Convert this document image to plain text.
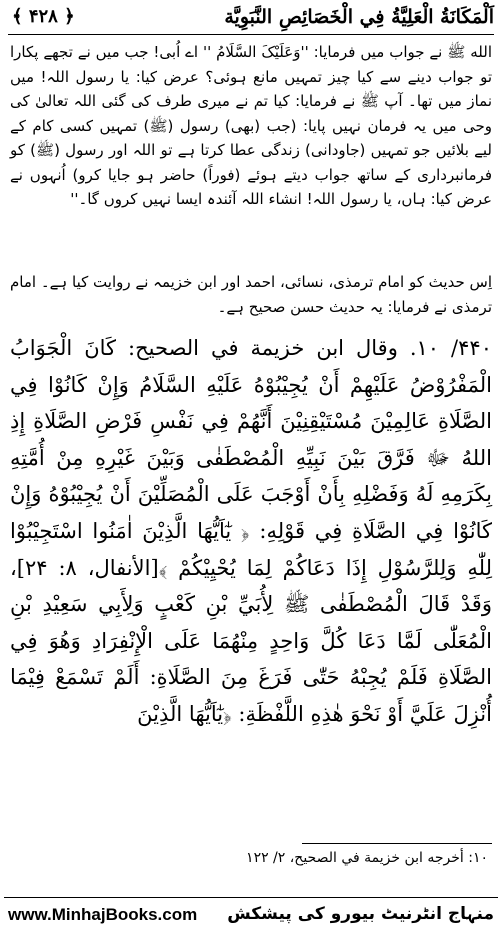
اَلْمَکَانَةُ الْعَلِيَّةُ فِي الْخَصَائِصِ النَّبَوِيَّة
﴿ ۴۲۸ ﴾

الله ﷺ نے جواب میں فرمایا: ''وَعَلَيْکَ السَّلَامُ '' اے اُبی! جب میں نے تجھے پکارا تو جواب دینے سے کیا چیز تمہیں مانع ہوئی؟ عرض کیا: یا رسول اللہ! میں نماز میں تھا۔ آپ ﷺ نے فرمایا: کیا تم نے میری طرف کی گئی اللہ تعالیٰ کی وحی میں یہ فرمان نہیں پایا: (جب (بھی) رسول (ﷺ) تمہیں کسی کام کے لیے بلائیں جو تمہیں (جاودانی) زندگی عطا کرتا ہے تو اللہ اور رسول (ﷺ) کو فرمانبرداری کے ساتھ جواب دیتے ہوئے (فوراً) حاضر ہو جایا کرو) اُنہوں نے عرض کیا: ہاں، یا رسول اللہ! انشاء اللہ آئندہ ایسا نہیں کروں گا۔''

اِس حدیث کو امام ترمذی، نسائی، احمد اور ابن خزیمہ نے روایت کیا ہے۔ امام ترمذی نے فرمایا: یہ حدیث حسن صحیح ہے۔

۴۴۰/ ۱۰. وقال ابن خزيمة في الصحيح: کَانَ الْجَوَابُ الْمَفْرُوْضُ عَلَيْهِمْ أَنْ يُجِيْبُوْهُ عَلَيْهِ السَّلَامُ وَإِنْ کَانُوْا فِي الصَّلَاةِ عَالِمِيْنَ مُسْتَيْقِنِيْنَ أَنَّهُمْ فِي نَفْسِ فَرْضِ الصَّلَاةِ إِذِ اللهُ ﷻ فَرَّقَ بَيْنَ نَبِيِّهِ الْمُصْطَفٰی وَبَيْنَ غَيْرِهِ مِنْ أُمَّتِهِ بِکَرَمِهِ لَهُ وَفَضْلِهِ بِأَنْ أَوْجَبَ عَلَی الْمُصَلِّيْنَ أَنْ يُجِيْبُوْهُ وَإِنْ کَانُوْا فِي الصَّلَاةِ فِي قَوْلِهِ: ﴿ يٰٓاَيُّهَا الَّذِيْنَ اٰمَنُوا اسْتَجِيْبُوْا لِلّٰهِ وَلِلرَّسُوْلِ إِذَا دَعَاکُمْ لِمَا يُحْيِيْکُمْ ﴾[الأنفال، ۸: ۲۴]، وَقَدْ قَالَ الْمُصْطَفٰی ﷺ لِأُبَيِّ بْنِ کَعْبٍ وَلِأَبِي سَعِيْدِ بْنِ الْمُعَلّٰی لَمَّا دَعَا کُلَّ وَاحِدٍ مِنْهُمَا عَلَی الْإِنْفِرَادِ وَهُوَ فِي الصَّلَاةِ فَلَمْ يُجِبْهُ حَتّٰی فَرَغَ مِنَ الصَّلَاةِ: أَلَمْ تَسْمَعْ فِيْمَا أُنْزِلَ عَلَيَّ أَوْ نَحْوَ هٰذِهِ اللَّفْظَةِ: ﴿يٰٓاَيُّهَا الَّذِيْنَ

۱۰: أخرجه ابن خزيمة في الصحيح، ۲/ ۱۲۲
www.MinhajBooks.com منہاج انٹرنیٹ بیورو کی پیشکش
